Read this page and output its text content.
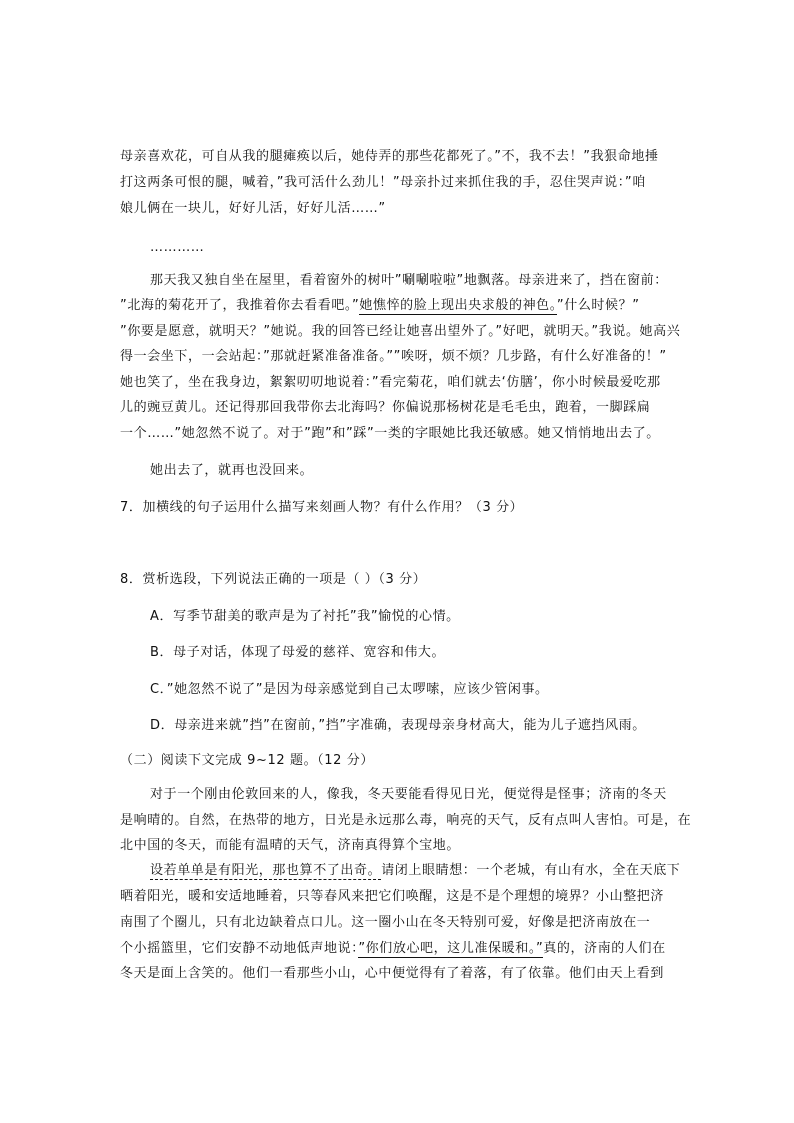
母亲喜欢花，可自从我的腿瘫痪以后，她侍弄的那些花都死了。”不，我不去！”我狠命地捶
打这两条可恨的腿，喊着，”我可活什么劲儿！”母亲扑过来抓住我的手，忍住哭声说：”咱
娘儿俩在一块儿，好好儿活，好好儿活……”
…………
那天我又独自坐在屋里，看着窗外的树叶”唰唰啦啦”地飘落。母亲进来了，挡在窗前：
”北海的菊花开了，我推着你去看看吧。”她憔悴的脸上现出央求般的神色。”什么时候？”
”你要是愿意，就明天？”她说。我的回答已经让她喜出望外了。”好吧，就明天。”我说。她高兴
得一会坐下，一会站起：”那就赶紧准备准备。””唉呀，烦不烦？几步路，有什么好准备的！”
她也笑了，坐在我身边，絮絮叨叨地说着：”看完菊花，咱们就去‘仿膳’，你小时候最爱吃那
儿的豌豆黄儿。还记得那回我带你去北海吗？你偏说那杨树花是毛毛虫，跑着，一脚踩扁
一个……”她忽然不说了。对于”跑”和”踩”一类的字眼她比我还敏感。她又悄悄地出去了。
她出去了，就再也没回来。
7．加横线的句子运用什么描写来刻画人物？有什么作用？（3 分）
8．赏析选段，下列说法正确的一项是（ ）（3 分）
A．写季节甜美的歌声是为了衬托”我”愉悦的心情。
B．母子对话，体现了母爱的慈祥、宽容和伟大。
C．”她忽然不说了”是因为母亲感觉到自己太啰嗦，应该少管闲事。
D．母亲进来就”挡”在窗前，”挡”字准确，表现母亲身材高大，能为儿子遮挡风雨。
（二）阅读下文完成 9~12 题。（12 分）
对于一个刚由伦敦回来的人，像我，冬天要能看得见日光，便觉得是怪事；济南的冬天
是响晴的。自然，在热带的地方，日光是永远那么毒，响亮的天气，反有点叫人害怕。可是，在
北中国的冬天，而能有温晴的天气，济南真得算个宝地。
设若单单是有阳光，那也算不了出奇。请闭上眼睛想：一个老城，有山有水，全在天底下
晒着阳光，暖和安适地睡着，只等春风来把它们唤醒，这是不是个理想的境界？小山整把济
南围了个圈儿，只有北边缺着点口儿。这一圈小山在冬天特别可爱，好像是把济南放在一
个小摇篮里，它们安静不动地低声地说：”你们放心吧，这儿准保暖和。”真的，济南的人们在
冬天是面上含笑的。他们一看那些小山，心中便觉得有了着落，有了依靠。他们由天上看到
